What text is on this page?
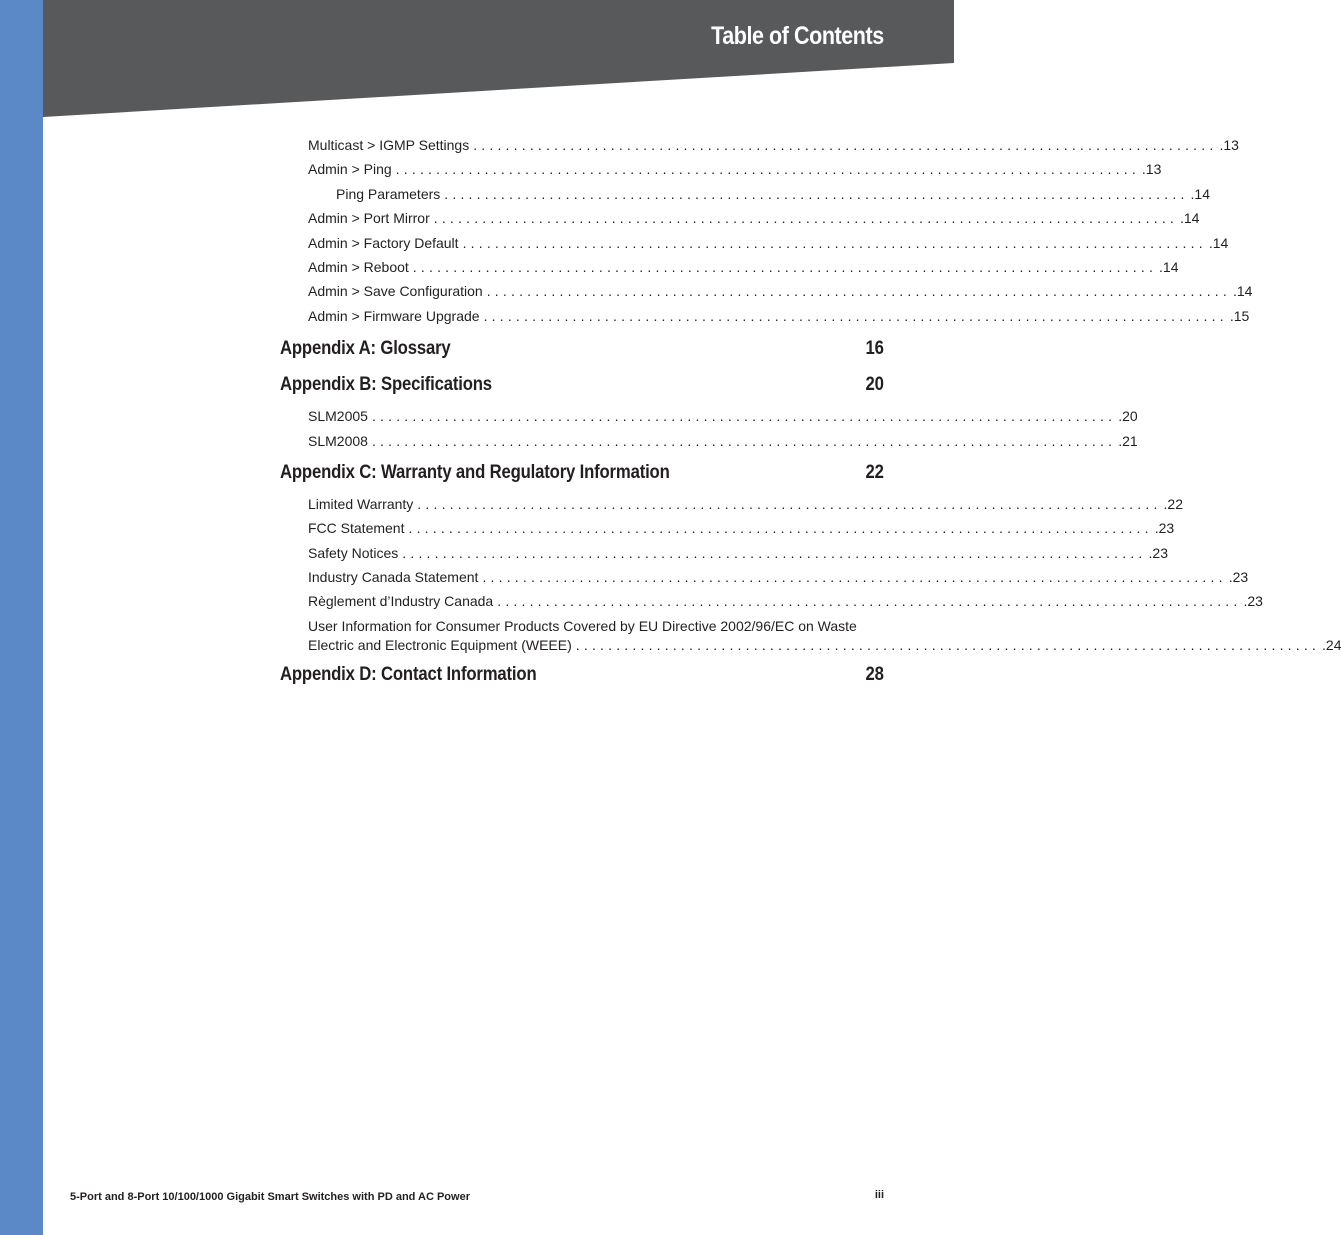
Table of Contents
Multicast > IGMP Settings ............................................................................................ .13
Admin > Ping ............................................................................................ .13
Ping Parameters ............................................................................................ .14
Admin > Port Mirror ............................................................................................ .14
Admin > Factory Default ............................................................................................ .14
Admin > Reboot ............................................................................................ .14
Admin > Save Configuration ............................................................................................ .14
Admin > Firmware Upgrade ............................................................................................ .15
Appendix A: Glossary	16
Appendix B: Specifications	20
SLM2005 ............................................................................................ .20
SLM2008 ............................................................................................ .21
Appendix C: Warranty and Regulatory Information	22
Limited Warranty ............................................................................................ .22
FCC Statement ............................................................................................ .23
Safety Notices ............................................................................................ .23
Industry Canada Statement ............................................................................................ .23
Règlement d’Industry Canada ............................................................................................ .23
User Information for Consumer Products Covered by EU Directive 2002/96/EC on Waste
Electric and Electronic Equipment (WEEE) ............................................................................................ .24
Appendix D: Contact Information	28
5-Port and 8-Port 10/100/1000 Gigabit Smart Switches with PD and AC Power	iii
